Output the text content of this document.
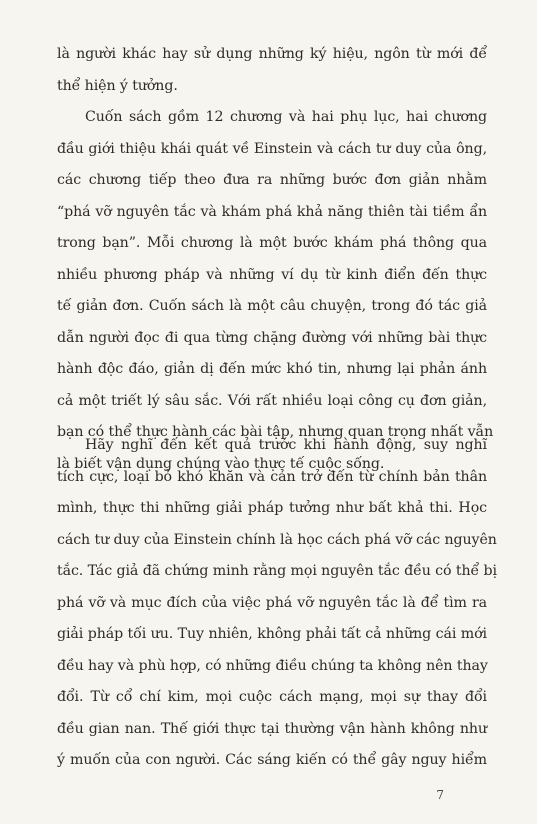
là người khác hay sử dụng những ký hiệu, ngôn từ mới để
thể hiện ý tưởng.
Cuốn sách gồm 12 chương và hai phụ lục, hai chương
đầu giới thiệu khái quát về Einstein và cách tư duy của ông,
các chương tiếp theo đưa ra những bước đơn giản nhằm
“phá vỡ nguyên tắc và khám phá khả năng thiên tài tiềm ẩn
trong bạn”. Mỗi chương là một bước khám phá thông qua
nhiều phương pháp và những ví dụ từ kinh điển đến thực
tế giản đơn. Cuốn sách là một câu chuyện, trong đó tác giả
dẫn người đọc đi qua từng chặng đường với những bài thực
hành độc đáo, giản dị đến mức khó tin, nhưng lại phản ánh
cả một triết lý sâu sắc. Với rất nhiều loại công cụ đơn giản,
bạn có thể thực hành các bài tập, nhưng quan trọng nhất vẫn
là biết vận dụng chúng vào thực tế cuộc sống.
Hãy nghĩ đến kết quả trước khi hành động, suy nghĩ
tích cực, loại bỏ khó khăn và cản trở đến từ chính bản thân
mình, thực thi những giải pháp tưởng như bất khả thi. Học
cách tư duy của Einstein chính là học cách phá vỡ các nguyên
tắc. Tác giả đã chứng minh rằng mọi nguyên tắc đều có thể bị
phá vỡ và mục đích của việc phá vỡ nguyên tắc là để tìm ra
giải pháp tối ưu. Tuy nhiên, không phải tất cả những cái mới
đều hay và phù hợp, có những điều chúng ta không nên thay
đổi. Từ cổ chí kim, mọi cuộc cách mạng, mọi sự thay đổi
đều gian nan. Thế giới thực tại thường vận hành không như
ý muốn của con người. Các sáng kiến có thể gây nguy hiểm
7
